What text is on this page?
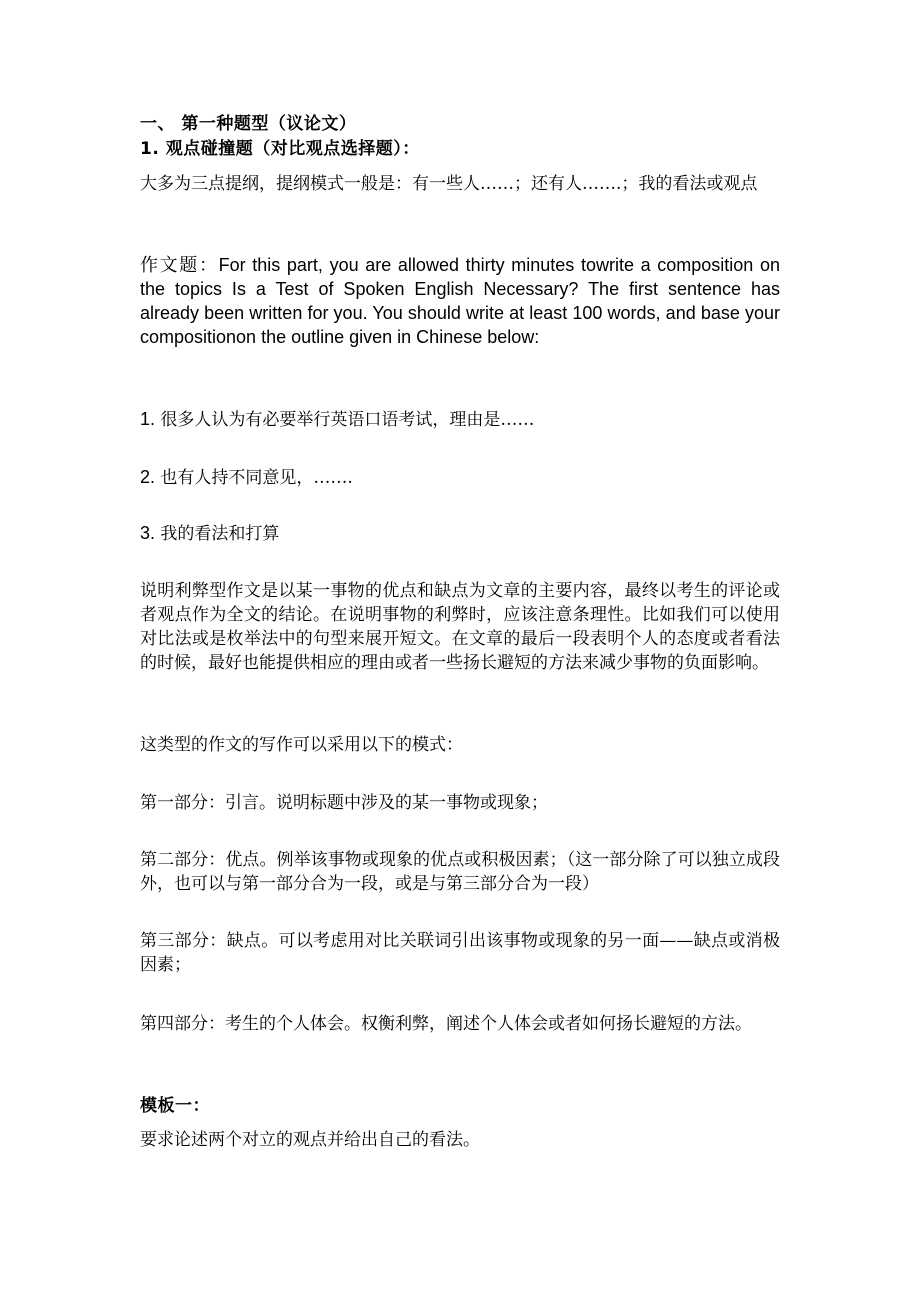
一、 第一种题型（议论文）
1. 观点碰撞题（对比观点选择题）：

大多为三点提纲，提纲模式一般是：有一些人……；还有人…….；我的看法或观点

作文题：For this part, you are allowed thirty minutes towrite a composition on the topics Is a Test of Spoken English Necessary? The first sentence has already been written for you. You should write at least 100 words, and base your compositionon the outline given in Chinese below:

1. 很多人认为有必要举行英语口语考试，理由是……
2. 也有人持不同意见，…….
3. 我的看法和打算

说明利弊型作文是以某一事物的优点和缺点为文章的主要内容，最终以考生的评论或者观点作为全文的结论。在说明事物的利弊时，应该注意条理性。比如我们可以使用对比法或是枚举法中的句型来展开短文。在文章的最后一段表明个人的态度或者看法的时候，最好也能提供相应的理由或者一些扬长避短的方法来减少事物的负面影响。

这类型的作文的写作可以采用以下的模式：

第一部分：引言。说明标题中涉及的某一事物或现象；

第二部分：优点。例举该事物或现象的优点或积极因素；（这一部分除了可以独立成段外，也可以与第一部分合为一段，或是与第三部分合为一段）

第三部分：缺点。可以考虑用对比关联词引出该事物或现象的另一面——缺点或消极因素；

第四部分：考生的个人体会。权衡利弊，阐述个人体会或者如何扬长避短的方法。

模板一：

要求论述两个对立的观点并给出自己的看法。
